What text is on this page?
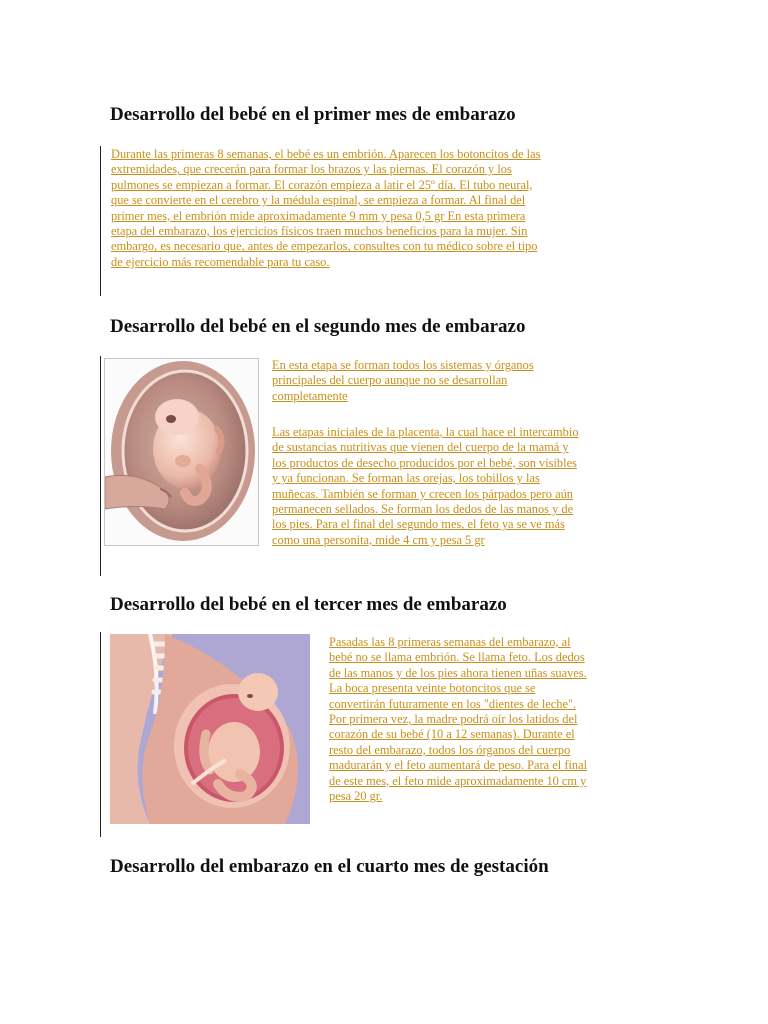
Desarrollo del bebé en el primer mes de embarazo

Durante las primeras 8 semanas, el bebé es un embrión. Aparecen los botoncitos de las
extremidades, que crecerán para formar los brazos y las piernas. El corazón y los
pulmones se empiezan a formar. El corazón empieza a latir el 25º día. El tubo neural,
que se convierte en el cerebro y la médula espinal, se empieza a formar. Al final del
primer mes, el embrión mide aproximadamente 9 mm y pesa 0,5 gr En esta primera
etapa del embarazo, los ejercicios físicos traen muchos beneficios para la mujer. Sin
embargo, es necesario que, antes de empezarlos, consultes con tu médico sobre el tipo
de ejercicio más recomendable para tu caso.

Desarrollo del bebé en el segundo mes de embarazo

En esta etapa se forman todos los sistemas y órganos
principales del cuerpo aunque no se desarrollan
completamente

Las etapas iniciales de la placenta, la cual hace el intercambio
de sustancias nutritivas que vienen del cuerpo de la mamá y
los productos de desecho producidos por el bebé, son visibles
y ya funcionan. Se forman las orejas, los tobillos y las
muñecas. También se forman y crecen los párpados pero aún
permanecen sellados. Se forman los dedos de las manos y de
los pies. Para el final del segundo mes, el feto ya se ve más
como una personita, mide 4 cm y pesa 5 gr

Desarrollo del bebé en el tercer mes de embarazo

Pasadas las 8 primeras semanas del embarazo, al
bebé no se llama embrión. Se llama feto. Los dedos
de las manos y de los pies ahora tienen uñas suaves.
La boca presenta veinte botoncitos que se
convertirán futuramente en los "dientes de leche".
Por primera vez, la madre podrá oír los latidos del
corazón de su bebé (10 a 12 semanas). Durante el
resto del embarazo, todos los órganos del cuerpo
madurarán y el feto aumentará de peso. Para el final
de este mes, el feto mide aproximadamente 10 cm y
pesa 20 gr.

Desarrollo del embarazo en el cuarto mes de gestación
